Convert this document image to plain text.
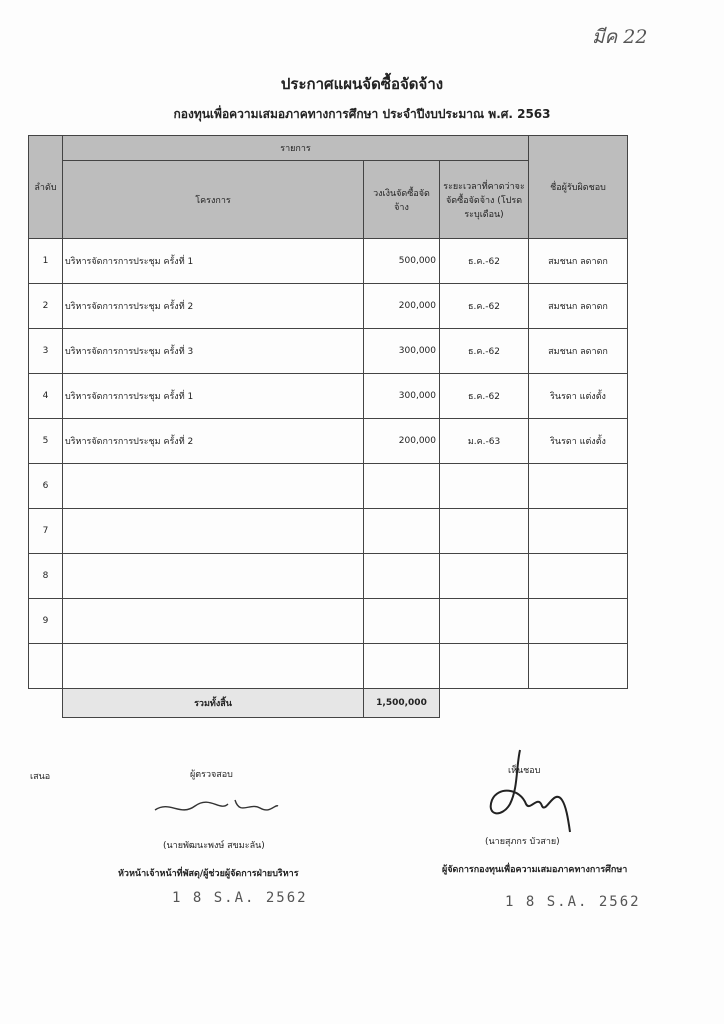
มีค 22
ประกาศแผนจัดซื้อจัดจ้าง
กองทุนเพื่อความเสมอภาคทางการศึกษา ประจำปีงบประมาณ พ.ศ. 2563
ลำดับ	รายการ			ชื่อผู้รับผิดชอบ
	โครงการ	วงเงินจัดซื้อจัดจ้าง	ระยะเวลาที่คาดว่าจะจัดซื้อจัดจ้าง (โปรดระบุเดือน)	
1	บริหารจัดการการประชุม ครั้งที่ 1	500,000	ธ.ค.-62	สมชนก ลดาดก
2	บริหารจัดการการประชุม ครั้งที่ 2	200,000	ธ.ค.-62	สมชนก ลดาดก
3	บริหารจัดการการประชุม ครั้งที่ 3	300,000	ธ.ค.-62	สมชนก ลดาดก
4	บริหารจัดการการประชุม ครั้งที่ 1	300,000	ธ.ค.-62	รินรดา แต่งตั้ง
5	บริหารจัดการการประชุม ครั้งที่ 2	200,000	ม.ค.-63	รินรดา แต่งตั้ง
6				
7				
8				
9				

	รวมทั้งสิ้น	1,500,000		
เสนอ	ผู้ตรวจสอบ
(นายพัฒนะพงษ์ สขมะลัน)
หัวหน้าเจ้าหน้าที่พัสดุ/ผู้ช่วยผู้จัดการฝ่ายบริหาร
1 8 S.A. 2562
เห็นชอบ
(นายสุภกร บัวสาย)
ผู้จัดการกองทุนเพื่อความเสมอภาคทางการศึกษา
1 8 S.A. 2562
